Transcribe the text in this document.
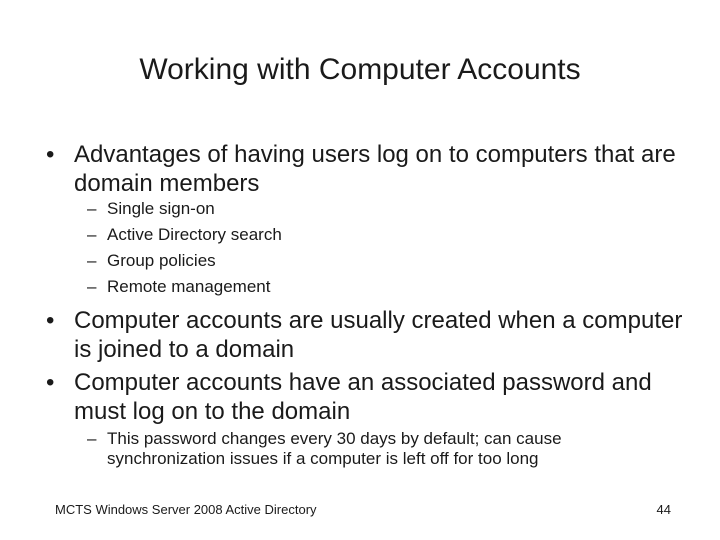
Working with Computer Accounts
• Advantages of having users log on to computers that are domain members
– Single sign-on
– Active Directory search
– Group policies
– Remote management
• Computer accounts are usually created when a computer is joined to a domain
• Computer accounts have an associated password and must log on to the domain
– This password changes every 30 days by default; can cause synchronization issues if a computer is left off for too long
MCTS Windows Server 2008 Active Directory	44
